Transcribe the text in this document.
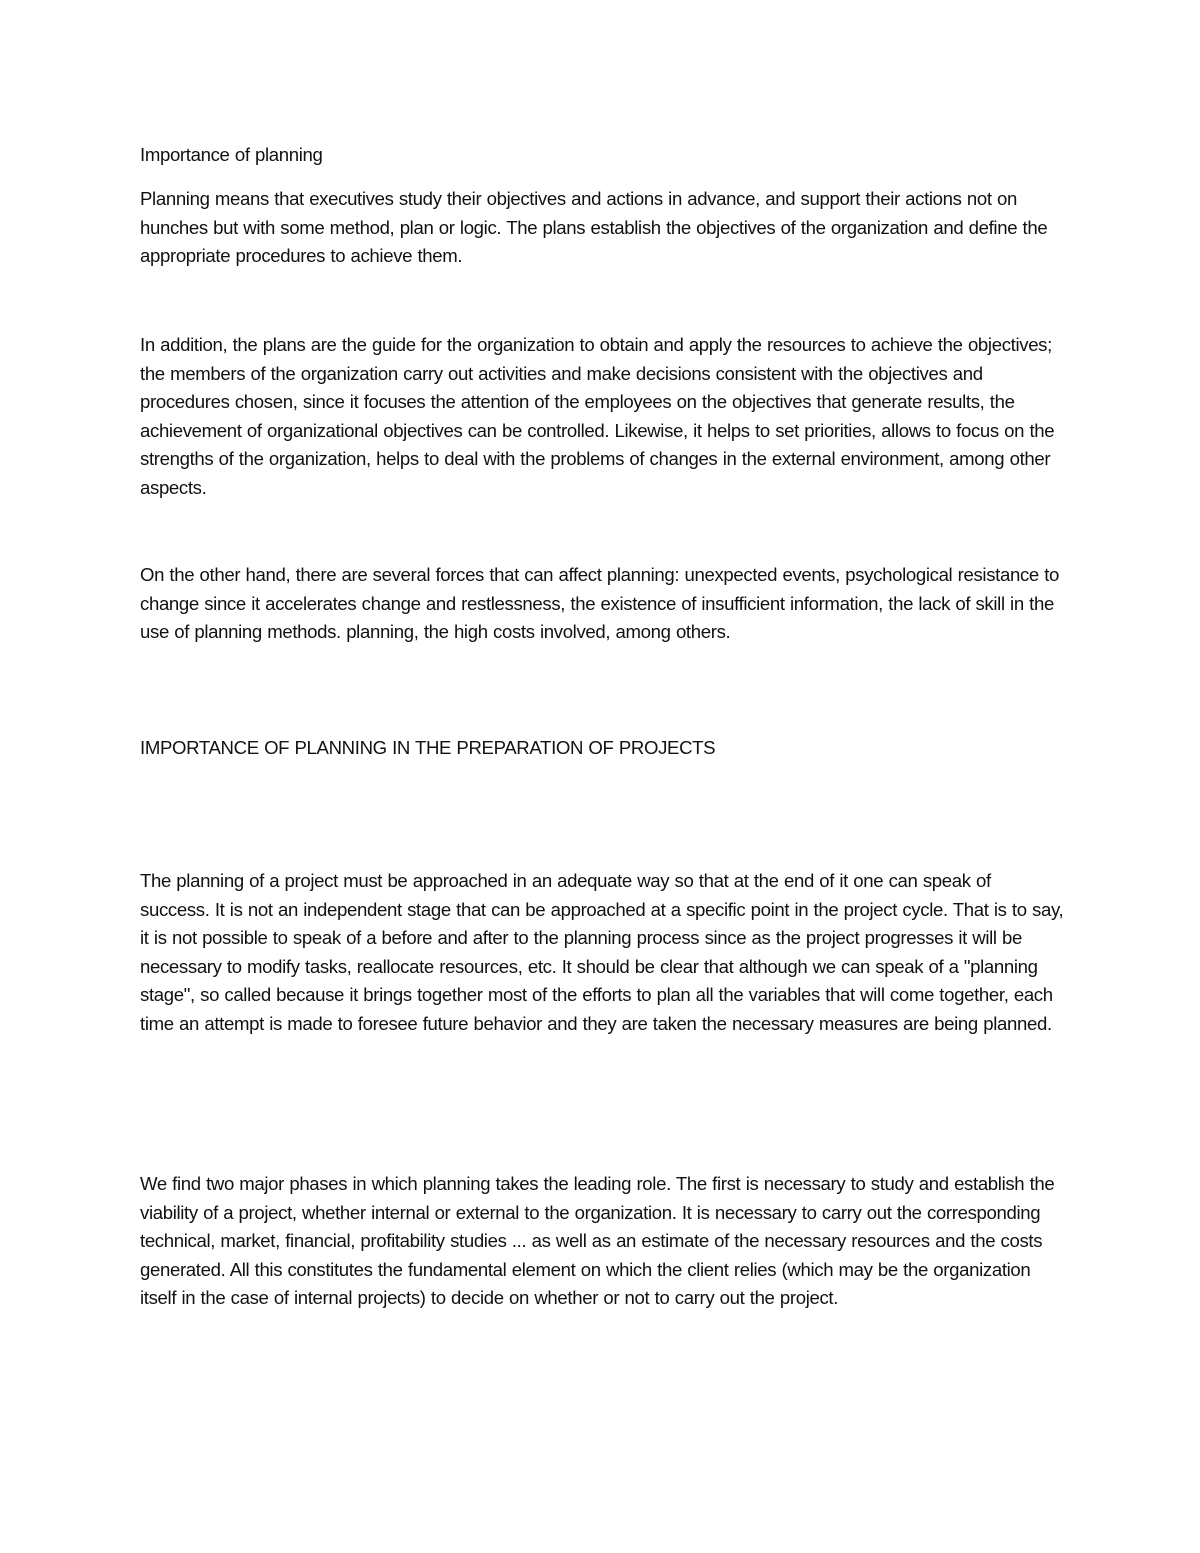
Importance of planning

Planning means that executives study their objectives and actions in advance, and support their actions not on hunches but with some method, plan or logic. The plans establish the objectives of the organization and define the appropriate procedures to achieve them.

In addition, the plans are the guide for the organization to obtain and apply the resources to achieve the objectives; the members of the organization carry out activities and make decisions consistent with the objectives and procedures chosen, since it focuses the attention of the employees on the objectives that generate results, the achievement of organizational objectives can be controlled. Likewise, it helps to set priorities, allows to focus on the strengths of the organization, helps to deal with the problems of changes in the external environment, among other aspects.

On the other hand, there are several forces that can affect planning: unexpected events, psychological resistance to change since it accelerates change and restlessness, the existence of insufficient information, the lack of skill in the use of planning methods. planning, the high costs involved, among others.

IMPORTANCE OF PLANNING IN THE PREPARATION OF PROJECTS

The planning of a project must be approached in an adequate way so that at the end of it one can speak of success. It is not an independent stage that can be approached at a specific point in the project cycle. That is to say, it is not possible to speak of a before and after to the planning process since as the project progresses it will be necessary to modify tasks, reallocate resources, etc. It should be clear that although we can speak of a "planning stage", so called because it brings together most of the efforts to plan all the variables that will come together, each time an attempt is made to foresee future behavior and they are taken the necessary measures are being planned.

We find two major phases in which planning takes the leading role. The first is necessary to study and establish the viability of a project, whether internal or external to the organization. It is necessary to carry out the corresponding technical, market, financial, profitability studies ... as well as an estimate of the necessary resources and the costs generated. All this constitutes the fundamental element on which the client relies (which may be the organization itself in the case of internal projects) to decide on whether or not to carry out the project.
